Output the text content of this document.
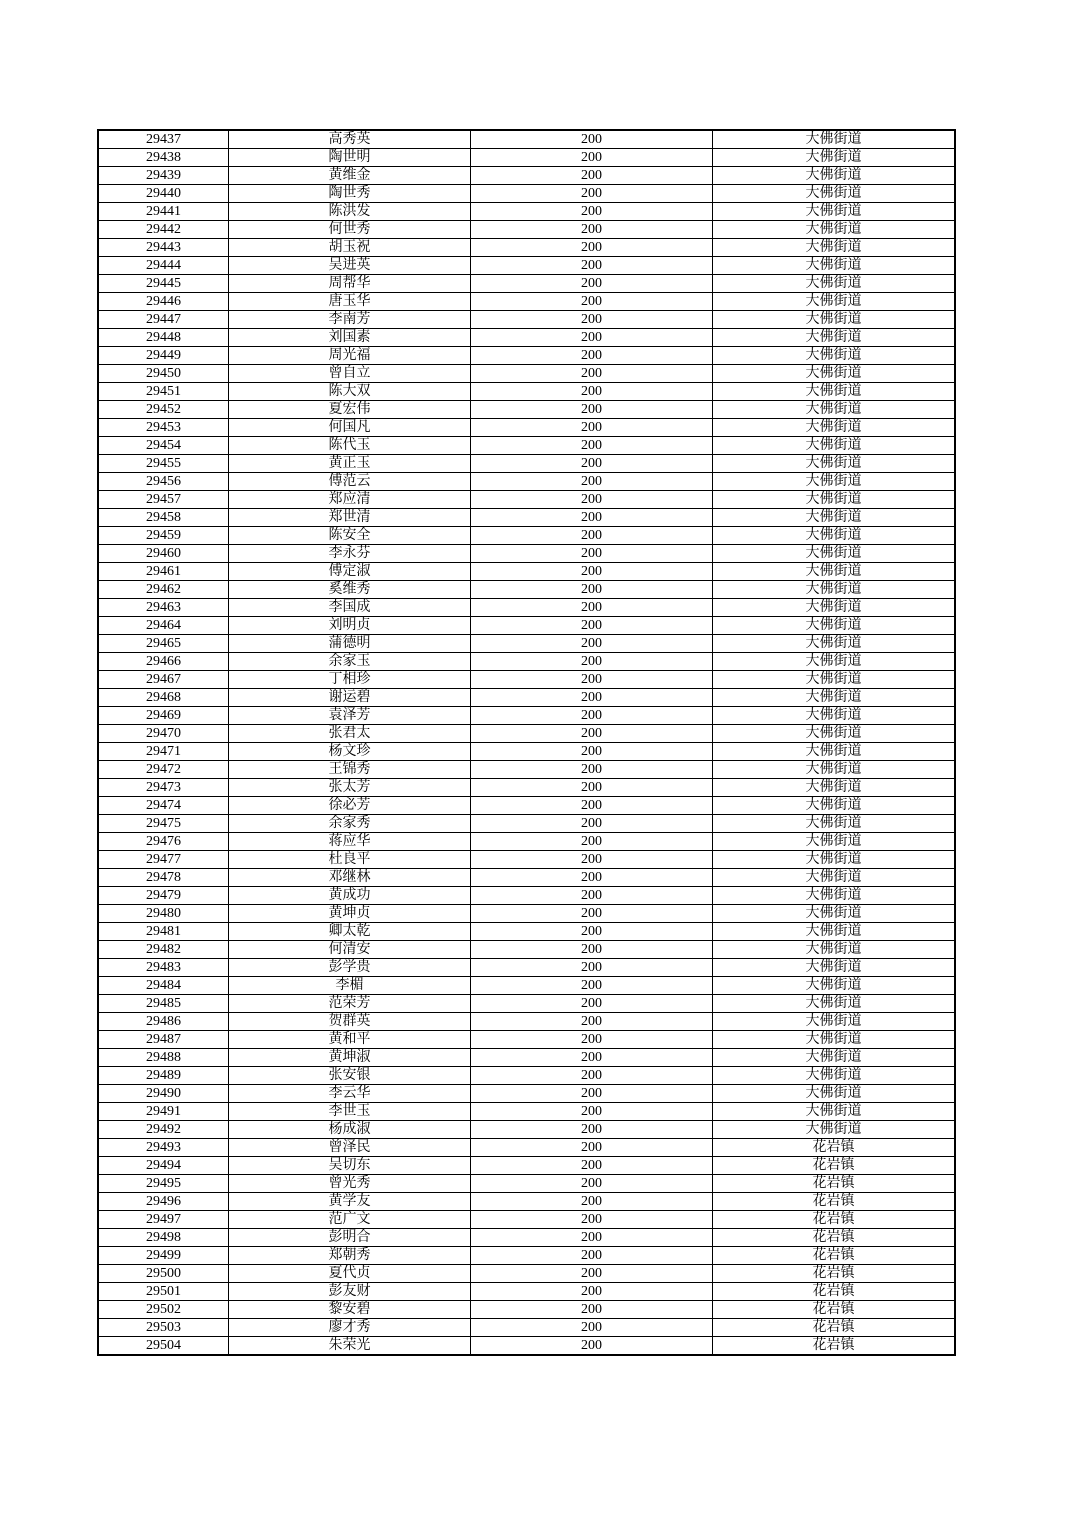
29437	高秀英	200	大佛街道
29438	陶世明	200	大佛街道
29439	黄维金	200	大佛街道
29440	陶世秀	200	大佛街道
29441	陈洪发	200	大佛街道
29442	何世秀	200	大佛街道
29443	胡玉祝	200	大佛街道
29444	吴进英	200	大佛街道
29445	周帮华	200	大佛街道
29446	唐玉华	200	大佛街道
29447	李南芳	200	大佛街道
29448	刘国素	200	大佛街道
29449	周光福	200	大佛街道
29450	曾自立	200	大佛街道
29451	陈大双	200	大佛街道
29452	夏宏伟	200	大佛街道
29453	何国凡	200	大佛街道
29454	陈代玉	200	大佛街道
29455	黄正玉	200	大佛街道
29456	傅范云	200	大佛街道
29457	郑应清	200	大佛街道
29458	郑世清	200	大佛街道
29459	陈安全	200	大佛街道
29460	李永芬	200	大佛街道
29461	傅定淑	200	大佛街道
29462	奚维秀	200	大佛街道
29463	李国成	200	大佛街道
29464	刘明贞	200	大佛街道
29465	蒲德明	200	大佛街道
29466	余家玉	200	大佛街道
29467	丁相珍	200	大佛街道
29468	谢运碧	200	大佛街道
29469	袁泽芳	200	大佛街道
29470	张君太	200	大佛街道
29471	杨文珍	200	大佛街道
29472	王锦秀	200	大佛街道
29473	张太芳	200	大佛街道
29474	徐必芳	200	大佛街道
29475	余家秀	200	大佛街道
29476	蒋应华	200	大佛街道
29477	杜良平	200	大佛街道
29478	邓继林	200	大佛街道
29479	黄成功	200	大佛街道
29480	黄坤贞	200	大佛街道
29481	卿太乾	200	大佛街道
29482	何清安	200	大佛街道
29483	彭学贵	200	大佛街道
29484	李楣	200	大佛街道
29485	范荣芳	200	大佛街道
29486	贺群英	200	大佛街道
29487	黄和平	200	大佛街道
29488	黄坤淑	200	大佛街道
29489	张安银	200	大佛街道
29490	李云华	200	大佛街道
29491	李世玉	200	大佛街道
29492	杨成淑	200	大佛街道
29493	曾泽民	200	花岩镇
29494	吴切东	200	花岩镇
29495	曾光秀	200	花岩镇
29496	黄学友	200	花岩镇
29497	范广文	200	花岩镇
29498	彭明合	200	花岩镇
29499	郑朝秀	200	花岩镇
29500	夏代贞	200	花岩镇
29501	彭友财	200	花岩镇
29502	黎安碧	200	花岩镇
29503	廖才秀	200	花岩镇
29504	朱荣光	200	花岩镇
